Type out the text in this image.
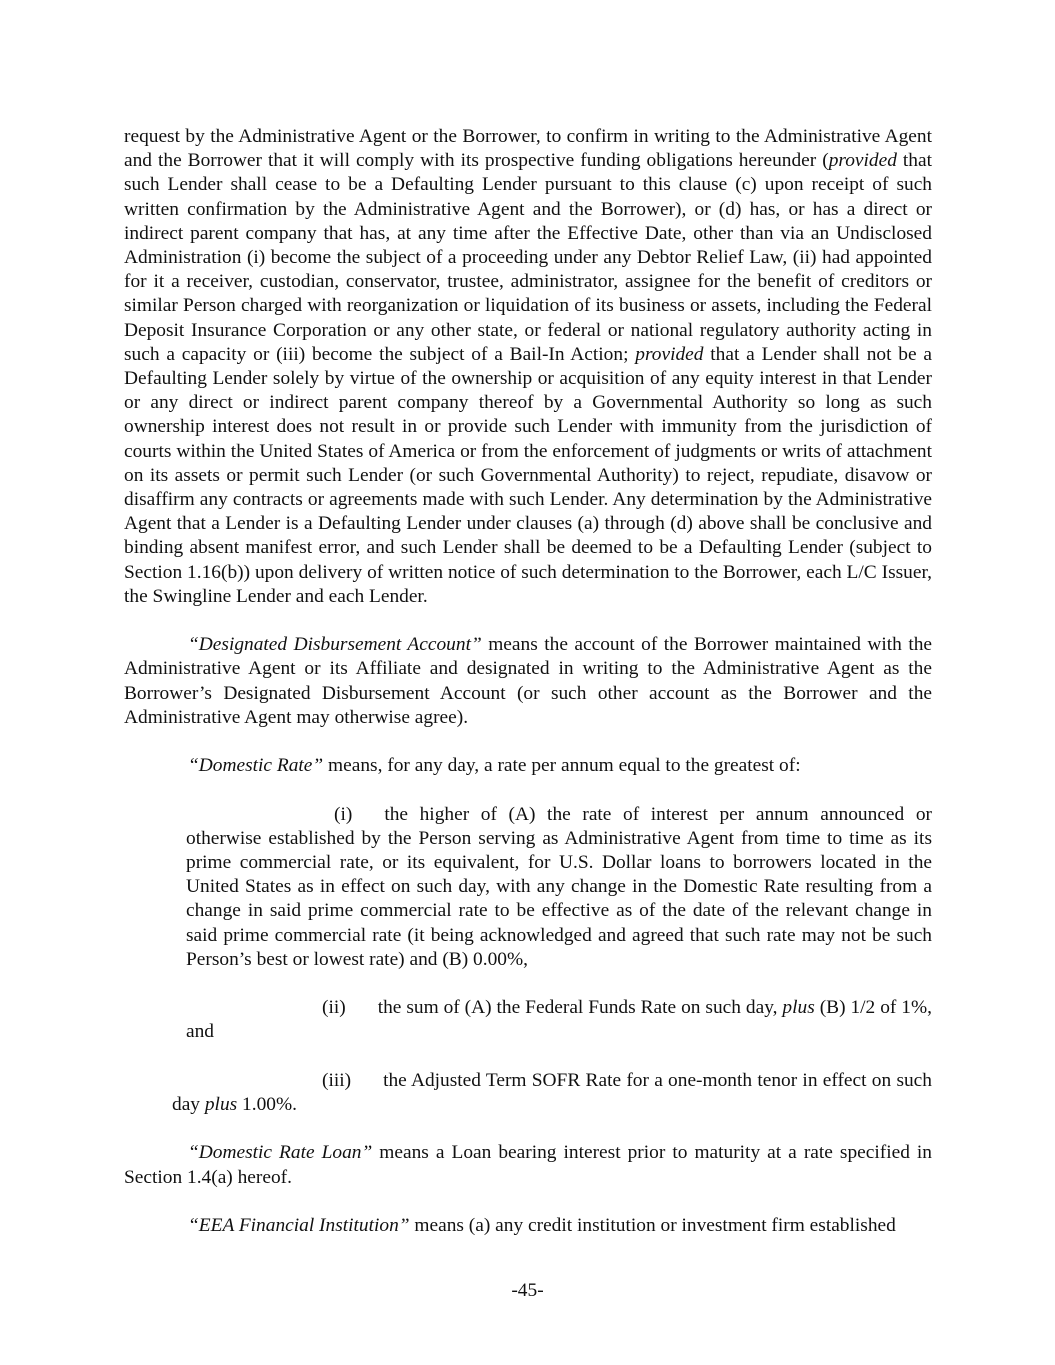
request by the Administrative Agent or the Borrower, to confirm in writing to the Administrative Agent and the Borrower that it will comply with its prospective funding obligations hereunder (provided that such Lender shall cease to be a Defaulting Lender pursuant to this clause (c) upon receipt of such written confirmation by the Administrative Agent and the Borrower), or (d) has, or has a direct or indirect parent company that has, at any time after the Effective Date, other than via an Undisclosed Administration (i) become the subject of a proceeding under any Debtor Relief Law, (ii) had appointed for it a receiver, custodian, conservator, trustee, administrator, assignee for the benefit of creditors or similar Person charged with reorganization or liquidation of its business or assets, including the Federal Deposit Insurance Corporation or any other state, or federal or national regulatory authority acting in such a capacity or (iii) become the subject of a Bail-In Action; provided that a Lender shall not be a Defaulting Lender solely by virtue of the ownership or acquisition of any equity interest in that Lender or any direct or indirect parent company thereof by a Governmental Authority so long as such ownership interest does not result in or provide such Lender with immunity from the jurisdiction of courts within the United States of America or from the enforcement of judgments or writs of attachment on its assets or permit such Lender (or such Governmental Authority) to reject, repudiate, disavow or disaffirm any contracts or agreements made with such Lender. Any determination by the Administrative Agent that a Lender is a Defaulting Lender under clauses (a) through (d) above shall be conclusive and binding absent manifest error, and such Lender shall be deemed to be a Defaulting Lender (subject to Section 1.16(b)) upon delivery of written notice of such determination to the Borrower, each L/C Issuer, the Swingline Lender and each Lender.

“Designated Disbursement Account” means the account of the Borrower maintained with the Administrative Agent or its Affiliate and designated in writing to the Administrative Agent as the Borrower’s Designated Disbursement Account (or such other account as the Borrower and the Administrative Agent may otherwise agree).

“Domestic Rate” means, for any day, a rate per annum equal to the greatest of:

(i) the higher of (A) the rate of interest per annum announced or otherwise established by the Person serving as Administrative Agent from time to time as its prime commercial rate, or its equivalent, for U.S. Dollar loans to borrowers located in the United States as in effect on such day, with any change in the Domestic Rate resulting from a change in said prime commercial rate to be effective as of the date of the relevant change in said prime commercial rate (it being acknowledged and agreed that such rate may not be such Person’s best or lowest rate) and (B) 0.00%,

(ii) the sum of (A) the Federal Funds Rate on such day, plus (B) 1/2 of 1%, and

(iii) the Adjusted Term SOFR Rate for a one-month tenor in effect on such day plus 1.00%.

“Domestic Rate Loan” means a Loan bearing interest prior to maturity at a rate specified in Section 1.4(a) hereof.

“EEA Financial Institution” means (a) any credit institution or investment firm established

-45-
